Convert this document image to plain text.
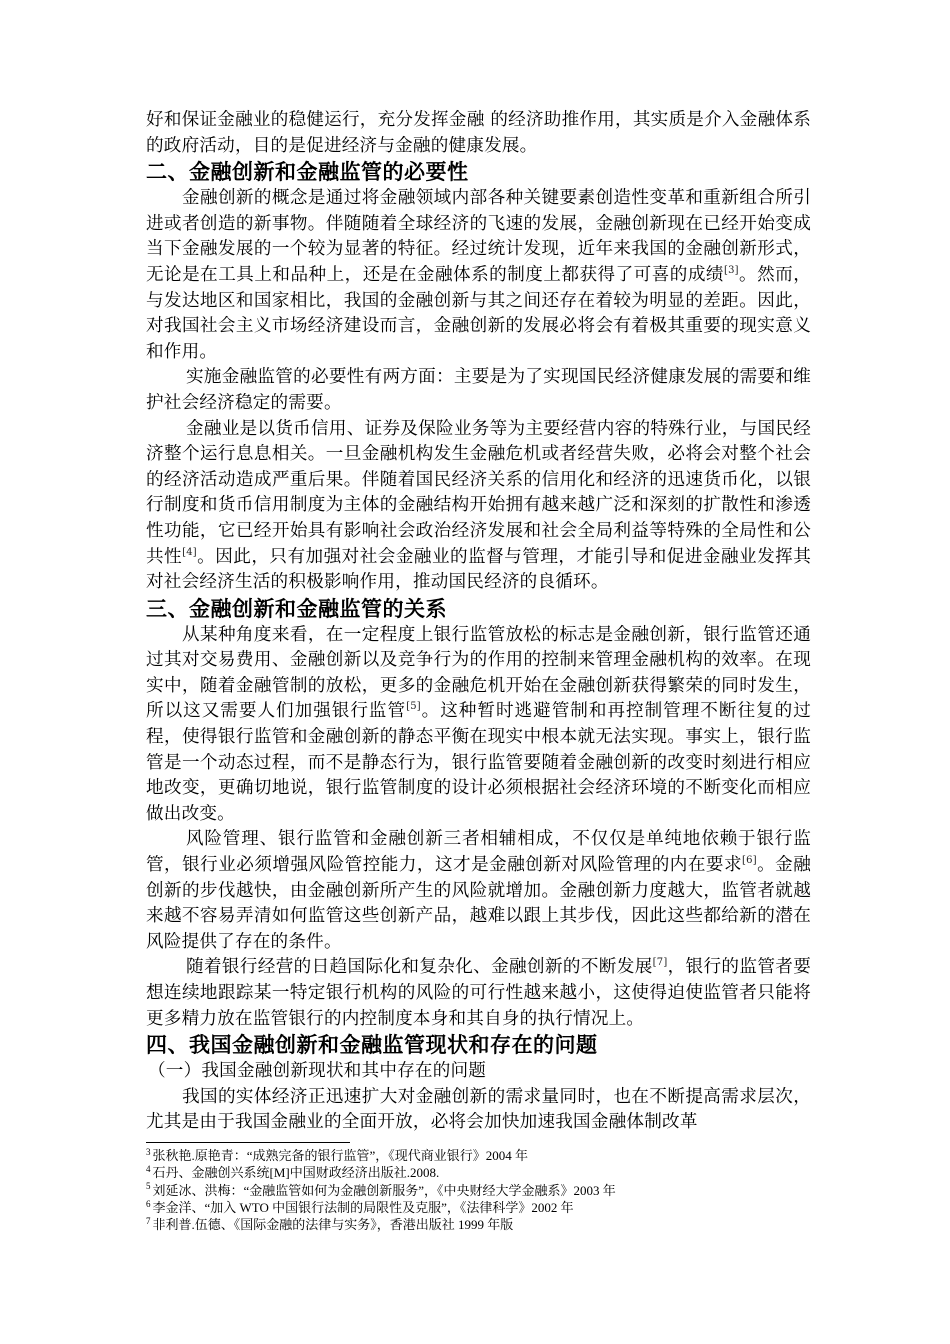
好和保证金融业的稳健运行，充分发挥金融 的经济助推作用，其实质是介入金融体系的政府活动，目的是促进经济与金融的健康发展。

二、金融创新和金融监管的必要性

金融创新的概念是通过将金融领域内部各种关键要素创造性变革和重新组合所引进或者创造的新事物。伴随随着全球经济的飞速的发展，金融创新现在已经开始变成当下金融发展的一个较为显著的特征。经过统计发现，近年来我国的金融创新形式，无论是在工具上和品种上，还是在金融体系的制度上都获得了可喜的成绩[3]。然而，与发达地区和国家相比，我国的金融创新与其之间还存在着较为明显的差距。因此，对我国社会主义市场经济建设而言，金融创新的发展必将会有着极其重要的现实意义和作用。

实施金融监管的必要性有两方面：主要是为了实现国民经济健康发展的需要和维护社会经济稳定的需要。

金融业是以货币信用、证券及保险业务等为主要经营内容的特殊行业，与国民经济整个运行息息相关。一旦金融机构发生金融危机或者经营失败，必将会对整个社会的经济活动造成严重后果。伴随着国民经济关系的信用化和经济的迅速货币化，以银行制度和货币信用制度为主体的金融结构开始拥有越来越广泛和深刻的扩散性和渗透性功能，它已经开始具有影响社会政治经济发展和社会全局利益等特殊的全局性和公共性[4]。因此，只有加强对社会金融业的监督与管理，才能引导和促进金融业发挥其对社会经济生活的积极影响作用，推动国民经济的良循环。

三、金融创新和金融监管的关系

从某种角度来看，在一定程度上银行监管放松的标志是金融创新，银行监管还通过其对交易费用、金融创新以及竞争行为的作用的控制来管理金融机构的效率。在现实中，随着金融管制的放松，更多的金融危机开始在金融创新获得繁荣的同时发生，所以这又需要人们加强银行监管[5]。这种暂时逃避管制和再控制管理不断往复的过程，使得银行监管和金融创新的静态平衡在现实中根本就无法实现。事实上，银行监管是一个动态过程，而不是静态行为，银行监管要随着金融创新的改变时刻进行相应地改变，更确切地说，银行监管制度的设计必须根据社会经济环境的不断变化而相应做出改变。

风险管理、银行监管和金融创新三者相辅相成，不仅仅是单纯地依赖于银行监管，银行业必须增强风险管控能力，这才是金融创新对风险管理的内在要求[6]。金融创新的步伐越快，由金融创新所产生的风险就增加。金融创新力度越大，监管者就越来越不容易弄清如何监管这些创新产品，越难以跟上其步伐，因此这些都给新的潜在风险提供了存在的条件。

随着银行经营的日趋国际化和复杂化、金融创新的不断发展[7]，银行的监管者要想连续地跟踪某一特定银行机构的风险的可行性越来越小，这使得迫使监管者只能将更多精力放在监管银行的内控制度本身和其自身的执行情况上。

四、我国金融创新和金融监管现状和存在的问题

（一）我国金融创新现状和其中存在的问题

我国的实体经济正迅速扩大对金融创新的需求量同时，也在不断提高需求层次，尤其是由于我国金融业的全面开放，必将会加快加速我国金融体制改革

$^3$ 张秋艳.原艳青：“成熟完备的银行监管”，《现代商业银行》2004 年
$^4$ 石丹、金融创兴系统[M]中国财政经济出版社.2008.
$^5$ 刘延冰、洪梅：“金融监管如何为金融创新服务”，《中央财经大学金融系》2003 年
$^6$ 李金洋、“加入 WTO 中国银行法制的局限性及克服”，《法律科学》2002 年
$^7$ 非利普.伍德、《国际金融的法律与实务》，香港出版社 1999 年版
